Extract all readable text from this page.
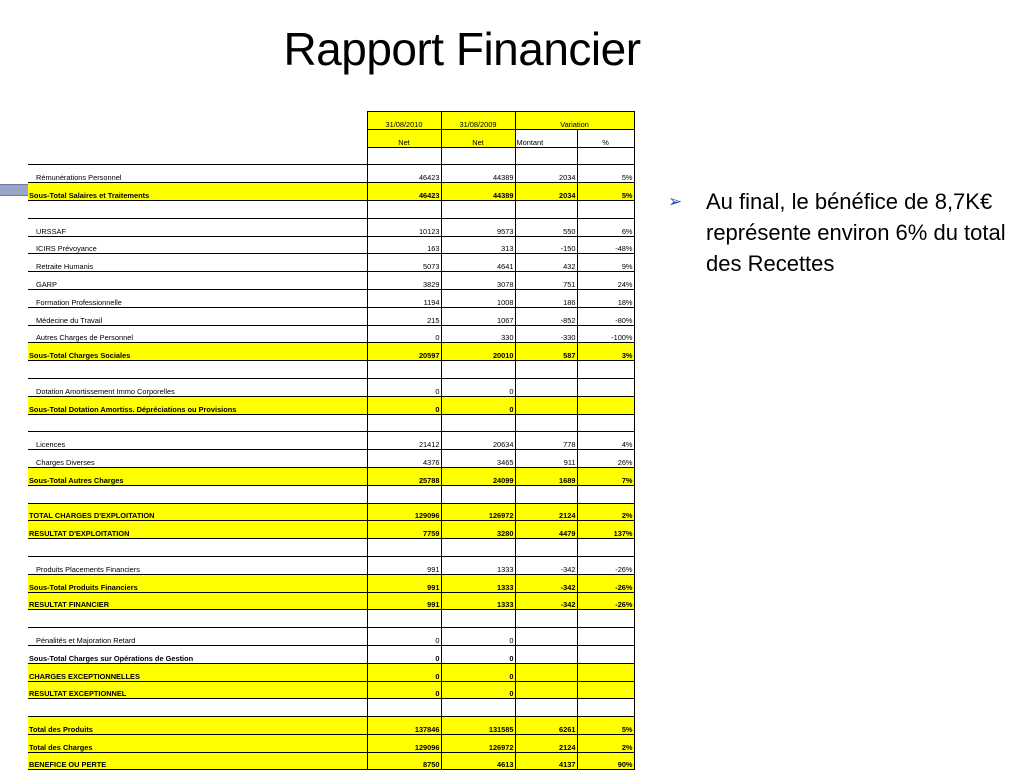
Rapport Financier
	31/08/2010	31/08/2009	Variation	
	Net	Net	Montant	%

Rémunérations Personnel	46423	44389	2034	5%
Sous-Total Salaires et Traitements	46423	44389	2034	5%

URSSAF	10123	9573	550	6%
ICIRS Prévoyance	163	313	-150	-48%
Retraite Humanis	5073	4641	432	9%
GARP	3829	3078	751	24%
Formation Professionnelle	1194	1008	186	18%
Médecine du Travail	215	1067	-852	-80%
Autres Charges de Personnel	0	330	-330	-100%
Sous-Total Charges Sociales	20597	20010	587	3%

Dotation Amortissement Immo Corporelles	0	0		
Sous-Total Dotation Amortiss. Dépréciations ou Provisions	0	0		

Licences	21412	20634	778	4%
Charges Diverses	4376	3465	911	26%
Sous-Total Autres Charges	25788	24099	1689	7%

TOTAL CHARGES D'EXPLOITATION	129096	126972	2124	2%
RESULTAT D'EXPLOITATION	7759	3280	4479	137%

Produits Placements Financiers	991	1333	-342	-26%
Sous-Total Produits Financiers	991	1333	-342	-26%
RESULTAT FINANCIER	991	1333	-342	-26%

Pénalités et Majoration Retard	0	0		
Sous-Total Charges sur Opérations de Gestion	0	0		
CHARGES EXCEPTIONNELLES	0	0		
RESULTAT EXCEPTIONNEL	0	0		

Total des Produits	137846	131585	6261	5%
Total des Charges	129096	126972	2124	2%
BENEFICE OU PERTE	8750	4613	4137	90%
➢ Au final, le bénéfice de 8,7K€ représente environ 6% du total des Recettes
